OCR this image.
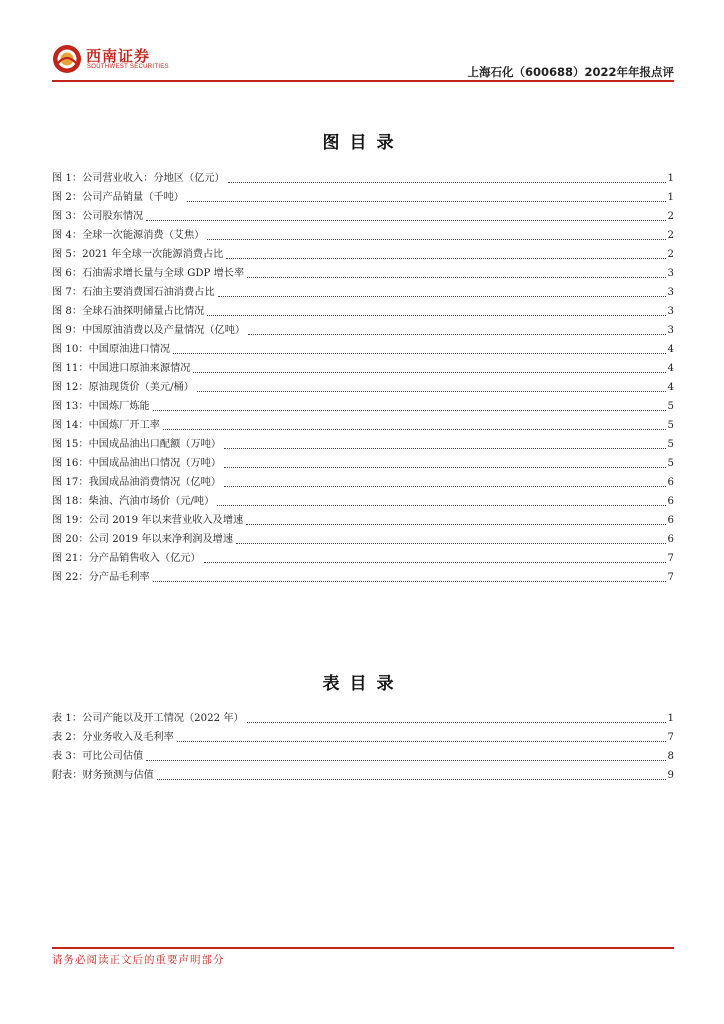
西南证券
SOUTHWEST SECURITIES	上海石化（600688）2022年年报点评
图目录
图 1：公司营业收入：分地区（亿元）	1
图 2：公司产品销量（千吨）	1
图 3：公司股东情况	2
图 4：全球一次能源消费（艾焦）	2
图 5：2021 年全球一次能源消费占比	2
图 6：石油需求增长量与全球 GDP 增长率	3
图 7：石油主要消费国石油消费占比	3
图 8：全球石油探明储量占比情况	3
图 9：中国原油消费以及产量情况（亿吨）	3
图 10：中国原油进口情况	4
图 11：中国进口原油来源情况	4
图 12：原油现货价（美元/桶）	4
图 13：中国炼厂炼能	5
图 14：中国炼厂开工率	5
图 15：中国成品油出口配额（万吨）	5
图 16：中国成品油出口情况（万吨）	5
图 17：我国成品油消费情况（亿吨）	6
图 18：柴油、汽油市场价（元/吨）	6
图 19：公司 2019 年以来营业收入及增速	6
图 20：公司 2019 年以来净利润及增速	6
图 21：分产品销售收入（亿元）	7
图 22：分产品毛利率	7
表目录
表 1：公司产能以及开工情况（2022 年）	1
表 2：分业务收入及毛利率	7
表 3：可比公司估值	8
附表：财务预测与估值	9
请务必阅读正文后的重要声明部分
